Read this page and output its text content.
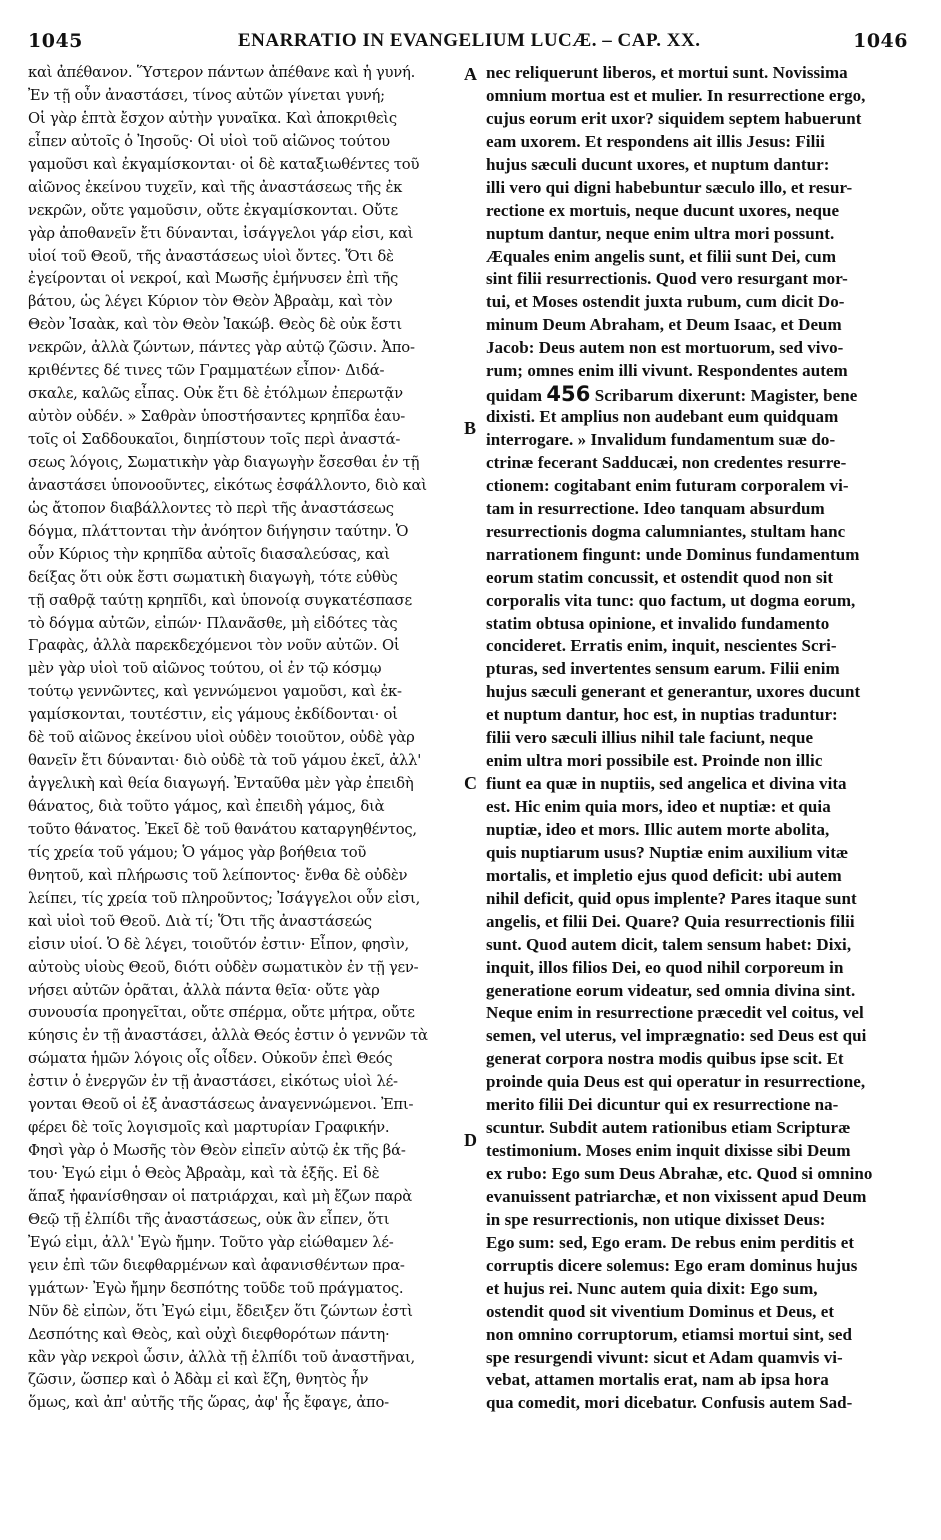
1045	ENARRATIO IN EVANGELIUM LUCÆ. – CAP. XX.	1046
καὶ ἀπέθανον. Ὕστερον πάντων ἀπέθανε καὶ ἡ γυνή.
Ἐν τῇ οὖν ἀναστάσει, τίνος αὐτῶν γίνεται γυνή;
Οἱ γὰρ ἑπτὰ ἔσχον αὐτὴν γυναῖκα. Καὶ ἀποκριθεὶς
εἶπεν αὐτοῖς ὁ Ἰησοῦς· Οἱ υἱοὶ τοῦ αἰῶνος τούτου
γαμοῦσι καὶ ἐκγαμίσκονται· οἱ δὲ καταξιωθέντες τοῦ
αἰῶνος ἐκείνου τυχεῖν, καὶ τῆς ἀναστάσεως τῆς ἐκ
νεκρῶν, οὔτε γαμοῦσιν, οὔτε ἐκγαμίσκονται. Οὔτε
γὰρ ἀποθανεῖν ἔτι δύνανται, ἰσάγγελοι γάρ εἰσι, καὶ
υἱοί τοῦ Θεοῦ, τῆς ἀναστάσεως υἱοὶ ὄντες. Ὅτι δὲ
ἐγείρονται οἱ νεκροί, καὶ Μωσῆς ἐμήνυσεν ἐπὶ τῆς
βάτου, ὡς λέγει Κύριον τὸν Θεὸν Ἀβραὰμ, καὶ τὸν
Θεὸν Ἰσαὰκ, καὶ τὸν Θεὸν Ἰακώβ. Θεὸς δὲ οὐκ ἔστι
νεκρῶν, ἀλλὰ ζώντων, πάντες γὰρ αὐτῷ ζῶσιν. Ἀπο-
κριθέντες δέ τινες τῶν Γραμματέων εἶπον· Διδά-
σκαλε, καλῶς εἶπας. Οὐκ ἔτι δὲ ἐτόλμων ἐπερωτᾷν
αὐτὸν οὐδέν. » Σαθρὰν ὑποστήσαντες κρηπῖδα ἑαυ-
τοῖς οἱ Σαδδουκαῖοι, διηπίστουν τοῖς περὶ ἀναστά-
σεως λόγοις, Σωματικὴν γὰρ διαγωγὴν ἔσεσθαι ἐν τῇ
ἀναστάσει ὑπονοοῦντες, εἰκότως ἐσφάλλοντο, διὸ καὶ
ὡς ἄτοπον διαβάλλοντες τὸ περὶ τῆς ἀναστάσεως
δόγμα, πλάττονται τὴν ἀνόητον διήγησιν ταύτην. Ὁ
οὖν Κύριος τὴν κρηπῖδα αὐτοῖς διασαλεύσας, καὶ
δείξας ὅτι οὐκ ἔστι σωματικὴ διαγωγὴ, τότε εὐθὺς
τῇ σαθρᾷ ταύτῃ κρηπῖδι, καὶ ὑπονοίᾳ συγκατέσπασε
τὸ δόγμα αὐτῶν, εἰπών· Πλανᾶσθε, μὴ εἰδότες τὰς
Γραφὰς, ἀλλὰ παρεκδεχόμενοι τὸν νοῦν αὐτῶν. Οἱ
μὲν γὰρ υἱοὶ τοῦ αἰῶνος τούτου, οἱ ἐν τῷ κόσμῳ
τούτῳ γεννῶντες, καὶ γεννώμενοι γαμοῦσι, καὶ ἐκ-
γαμίσκονται, τουτέστιν, εἰς γάμους ἐκδίδονται· οἱ
δὲ τοῦ αἰῶνος ἐκείνου υἱοὶ οὐδὲν τοιοῦτον, οὐδὲ γὰρ
θανεῖν ἔτι δύνανται· διὸ οὐδὲ τὰ τοῦ γάμου ἐκεῖ, ἀλλ'
ἀγγελικὴ καὶ θεία διαγωγή. Ἐνταῦθα μὲν γὰρ ἐπειδὴ
θάνατος, διὰ τοῦτο γάμος, καὶ ἐπειδὴ γάμος, διὰ
τοῦτο θάνατος. Ἐκεῖ δὲ τοῦ θανάτου καταργηθέντος,
τίς χρεία τοῦ γάμου; Ὁ γάμος γὰρ βοήθεια τοῦ
θνητοῦ, καὶ πλήρωσις τοῦ λείποντος· ἔνθα δὲ οὐδὲν
λείπει, τίς χρεία τοῦ πληροῦντος; Ἰσάγγελοι οὖν εἰσι,
καὶ υἱοὶ τοῦ Θεοῦ. Διὰ τί; Ὅτι τῆς ἀναστάσεώς
εἰσιν υἱοί. Ὁ δὲ λέγει, τοιοῦτόν ἐστιν· Εἶπον, φησὶν,
αὐτοὺς υἱοὺς Θεοῦ, διότι οὐδὲν σωματικὸν ἐν τῇ γεν-
νήσει αὐτῶν ὁρᾶται, ἀλλὰ πάντα θεῖα· οὔτε γὰρ
συνουσία προηγεῖται, οὔτε σπέρμα, οὔτε μήτρα, οὔτε
κύησις ἐν τῇ ἀναστάσει, ἀλλὰ Θεός ἐστιν ὁ γεννῶν τὰ
σώματα ἡμῶν λόγοις οἷς οἶδεν. Οὐκοῦν ἐπεὶ Θεός
ἐστιν ὁ ἐνεργῶν ἐν τῇ ἀναστάσει, εἰκότως υἱοὶ λέ-
γονται Θεοῦ οἱ ἐξ ἀναστάσεως ἀναγεννώμενοι. Ἐπι-
φέρει δὲ τοῖς λογισμοῖς καὶ μαρτυρίαν Γραφικήν.
Φησὶ γὰρ ὁ Μωσῆς τὸν Θεὸν εἰπεῖν αὐτῷ ἐκ τῆς βά-
του· Ἐγώ εἰμι ὁ Θεὸς Ἀβραὰμ, καὶ τὰ ἑξῆς. Εἰ δὲ
ἅπαξ ἠφανίσθησαν οἱ πατριάρχαι, καὶ μὴ ἔζων παρὰ
Θεῷ τῇ ἐλπίδι τῆς ἀναστάσεως, οὐκ ἂν εἶπεν, ὅτι
Ἐγώ εἰμι, ἀλλ' Ἐγὼ ἤμην. Τοῦτο γὰρ εἰώθαμεν λέ-
γειν ἐπὶ τῶν διεφθαρμένων καὶ ἀφανισθέντων πρα-
γμάτων· Ἐγὼ ἤμην δεσπότης τοῦδε τοῦ πράγματος.
Νῦν δὲ εἰπὼν, ὅτι Ἐγώ εἰμι, ἔδειξεν ὅτι ζώντων ἐστὶ
Δεσπότης καὶ Θεὸς, καὶ οὐχὶ διεφθορότων πάντη·
κἂν γὰρ νεκροὶ ὦσιν, ἀλλὰ τῇ ἐλπίδι τοῦ ἀναστῆναι,
ζῶσιν, ὥσπερ καὶ ὁ Ἀδὰμ εἰ καὶ ἔζη, θνητὸς ἦν
ὅμως, καὶ ἀπ' αὐτῆς τῆς ὥρας, ἀφ' ἧς ἔφαγε, ἀπο-
nec reliquerunt liberos, et mortui sunt. Novissima
omnium mortua est et mulier. In resurrectione ergo,
cujus eorum erit uxor? siquidem septem habuerunt
eam uxorem. Et respondens ait illis Jesus: Filii
hujus sæculi ducunt uxores, et nuptum dantur:
illi vero qui digni habebuntur sæculo illo, et resur-
rectione ex mortuis, neque ducunt uxores, neque
nuptum dantur, neque enim ultra mori possunt.
Æquales enim angelis sunt, et filii sunt Dei, cum
sint filii resurrectionis. Quod vero resurgant mor-
tui, et Moses ostendit juxta rubum, cum dicit Do-
minum Deum Abraham, et Deum Isaac, et Deum
Jacob: Deus autem non est mortuorum, sed vivo-
rum; omnes enim illi vivunt. Respondentes autem
quidam 456 Scribarum dixerunt: Magister, bene
dixisti. Et amplius non audebant eum quidquam
interrogare. » Invalidum fundamentum suæ do-
ctrinæ fecerant Sadducæi, non credentes resurre-
ctionem: cogitabant enim futuram corporalem vi-
tam in resurrectione. Ideo tanquam absurdum
resurrectionis dogma calumniantes, stultam hanc
narrationem fingunt: unde Dominus fundamentum
eorum statim concussit, et ostendit quod non sit
corporalis vita tunc: quo factum, ut dogma eorum,
statim obtusa opinione, et invalido fundamento
concideret. Erratis enim, inquit, nescientes Scri-
pturas, sed invertentes sensum earum. Filii enim
hujus sæculi generant et generantur, uxores ducunt
et nuptum dantur, hoc est, in nuptias traduntur:
filii vero sæculi illius nihil tale faciunt, neque
enim ultra mori possibile est. Proinde non illic
fiunt ea quæ in nuptiis, sed angelica et divina vita
est. Hic enim quia mors, ideo et nuptiæ: et quia
nuptiæ, ideo et mors. Illic autem morte abolita,
quis nuptiarum usus? Nuptiæ enim auxilium vitæ
mortalis, et impletio ejus quod deficit: ubi autem
nihil deficit, quid opus implente? Pares itaque sunt
angelis, et filii Dei. Quare? Quia resurrectionis filii
sunt. Quod autem dicit, talem sensum habet: Dixi,
inquit, illos filios Dei, eo quod nihil corporeum in
generatione eorum videatur, sed omnia divina sint.
Neque enim in resurrectione præcedit vel coitus, vel
semen, vel uterus, vel imprægnatio: sed Deus est qui
generat corpora nostra modis quibus ipse scit. Et
proinde quia Deus est qui operatur in resurrectione,
merito filii Dei dicuntur qui ex resurrectione na-
scuntur. Subdit autem rationibus etiam Scripturæ
testimonium. Moses enim inquit dixisse sibi Deum
ex rubo: Ego sum Deus Abrahæ, etc. Quod si omnino
evanuissent patriarchæ, et non vixissent apud Deum
in spe resurrectionis, non utique dixisset Deus:
Ego sum: sed, Ego eram. De rebus enim perditis et
corruptis dicere solemus: Ego eram dominus hujus
et hujus rei. Nunc autem quia dixit: Ego sum,
ostendit quod sit viventium Dominus et Deus, et
non omnino corruptorum, etiamsi mortui sint, sed
spe resurgendi vivunt: sicut et Adam quamvis vi-
vebat, attamen mortalis erat, nam ab ipsa hora
qua comedit, mori dicebatur. Confusis autem Sad-
A
B
C
D
